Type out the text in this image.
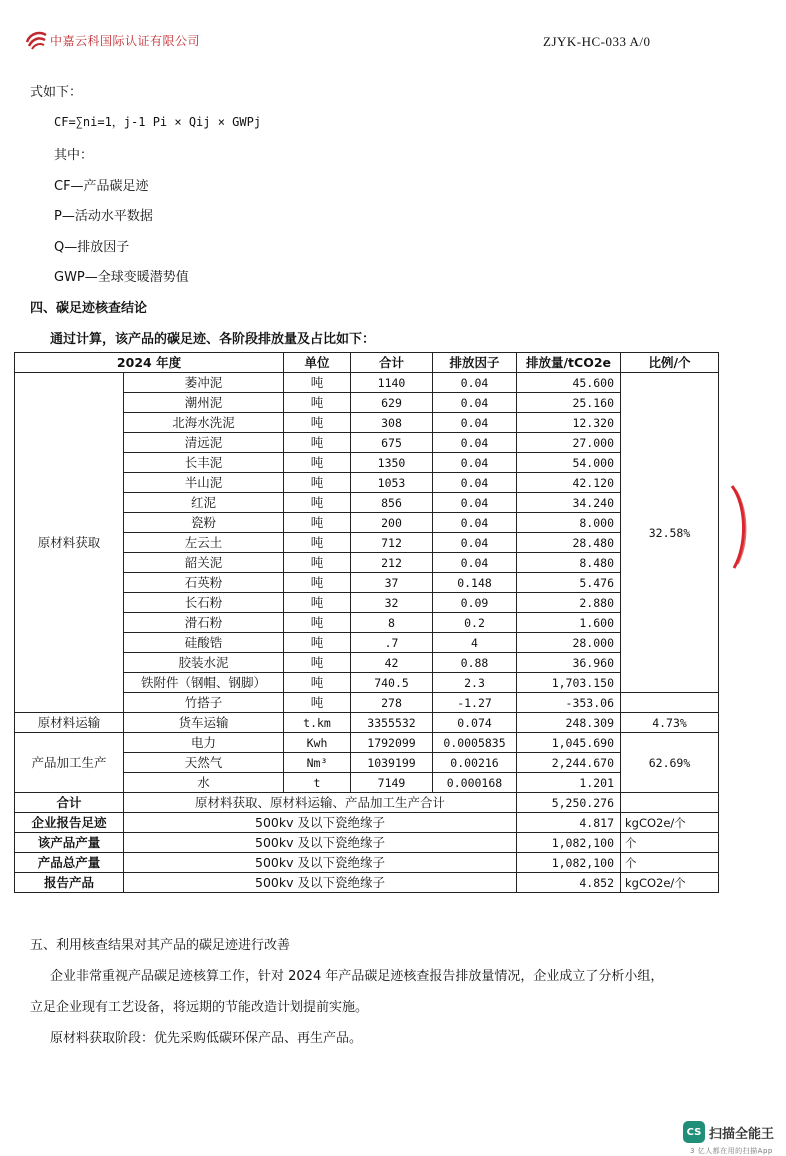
中嘉云科国际认证有限公司	ZJYK-HC-033 A/0
式如下：
CF=∑ni=1，j-1 Pi × Qij × GWPj
其中：
CF—产品碳足迹
P—活动水平数据
Q—排放因子
GWP—全球变暖潜势值
四、碳足迹核查结论
通过计算，该产品的碳足迹、各阶段排放量及占比如下：
2024 年度		单位	合计	排放因子	排放量/tCO2e	比例/个
原材料获取	萎冲泥	吨	1140	0.04	45.600	32.58%
	潮州泥	吨	629	0.04	25.160	
	北海水洗泥	吨	308	0.04	12.320	
	清远泥	吨	675	0.04	27.000	
	长丰泥	吨	1350	0.04	54.000	
	半山泥	吨	1053	0.04	42.120	
	红泥	吨	856	0.04	34.240	
	瓷粉	吨	200	0.04	8.000	
	左云土	吨	712	0.04	28.480	
	韶关泥	吨	212	0.04	8.480	
	石英粉	吨	37	0.148	5.476	
	长石粉	吨	32	0.09	2.880	
	滑石粉	吨	8	0.2	1.600	
	硅酸锆	吨	.7	4	28.000	
	胶装水泥	吨	42	0.88	36.960	
	铁附件（钢帽、钢脚）	吨	740.5	2.3	1,703.150	
	竹搭子	吨	278	-1.27	-353.06	
原材料运输	货车运输	t.km	3355532	0.074	248.309	4.73%
产品加工生产	电力	Kwh	1792099	0.0005835	1,045.690	62.69%
	天然气	Nm³	1039199	0.00216	2,244.670	
	水	t	7149	0.000168	1.201	
合计	原材料获取、原材料运输、产品加工生产合计				5,250.276	
企业报告足迹	500kv 及以下瓷绝缘子				4.817	kgCO2e/个
该产品产量	500kv 及以下瓷绝缘子				1,082,100	个
产品总产量	500kv 及以下瓷绝缘子				1,082,100	个
报告产品	500kv 及以下瓷绝缘子				4.852	kgCO2e/个
五、利用核查结果对其产品的碳足迹进行改善
企业非常重视产品碳足迹核算工作，针对 2024 年产品碳足迹核查报告排放量情况，企业成立了分析小组，
立足企业现有工艺设备，将远期的节能改造计划提前实施。
原材料获取阶段：优先采购低碳环保产品、再生产品。
CS 扫描全能王
3 亿人都在用的扫描App
